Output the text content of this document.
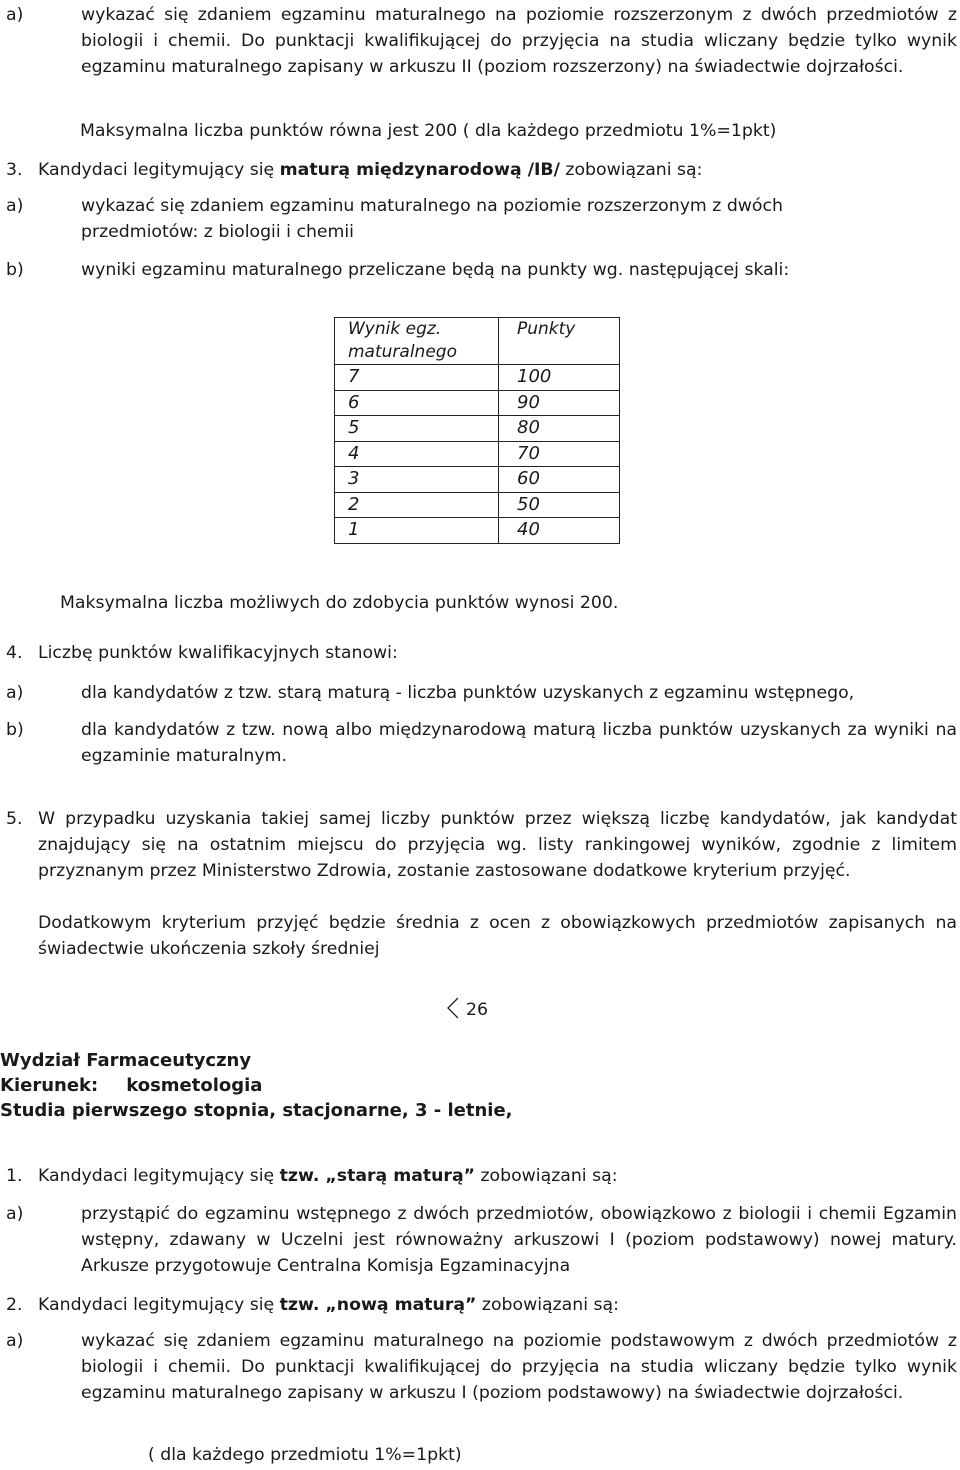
a)	wykazać się zdaniem egzaminu maturalnego na poziomie rozszerzonym z dwóch przedmiotów z biologii i chemii. Do punktacji kwalifikującej do przyjęcia na studia wliczany będzie tylko wynik egzaminu maturalnego zapisany w arkuszu II (poziom rozszerzony) na świadectwie dojrzałości.

Maksymalna liczba punktów równa jest 200 ( dla każdego przedmiotu 1%=1pkt)

3. Kandydaci legitymujący się maturą międzynarodową /IB/ zobowiązani są:

a)	wykazać się zdaniem egzaminu maturalnego na poziomie rozszerzonym z dwóch przedmiotów: z biologii i chemii

b)	wyniki egzaminu maturalnego przeliczane będą na punkty wg. następującej skali:

Wynik egz. maturalnego	Punkty
7	100
6	90
5	80
4	70
3	60
2	50
1	40

Maksymalna liczba możliwych do zdobycia punktów wynosi 200.

4. Liczbę punktów kwalifikacyjnych stanowi:

a)	dla kandydatów z tzw. starą maturą - liczba punktów uzyskanych z egzaminu wstępnego,

b)	dla kandydatów z tzw. nową albo międzynarodową maturą liczba punktów uzyskanych za wyniki na egzaminie maturalnym.

5. W przypadku uzyskania takiej samej liczby punktów przez większą liczbę kandydatów, jak kandydat znajdujący się na ostatnim miejscu do przyjęcia wg. listy rankingowej wyników, zgodnie z limitem przyznanym przez Ministerstwo Zdrowia, zostanie zastosowane dodatkowe kryterium przyjęć.

Dodatkowym kryterium przyjęć będzie średnia z ocen z obowiązkowych przedmiotów zapisanych na świadectwie ukończenia szkoły średniej

26
Wydział Farmaceutyczny
Kierunek: kosmetologia
Studia pierwszego stopnia, stacjonarne, 3 - letnie,
1. Kandydaci legitymujący się tzw. „starą maturą” zobowiązani są:

a)	przystąpić do egzaminu wstępnego z dwóch przedmiotów, obowiązkowo z biologii i chemii Egzamin wstępny, zdawany w Uczelni jest równoważny arkuszowi I (poziom podstawowy) nowej matury. Arkusze przygotowuje Centralna Komisja Egzaminacyjna

2. Kandydaci legitymujący się tzw. „nową maturą” zobowiązani są:

a)	wykazać się zdaniem egzaminu maturalnego na poziomie podstawowym z dwóch przedmiotów z biologii i chemii. Do punktacji kwalifikującej do przyjęcia na studia wliczany będzie tylko wynik egzaminu maturalnego zapisany w arkuszu I (poziom podstawowy) na świadectwie dojrzałości.

( dla każdego przedmiotu 1%=1pkt)
